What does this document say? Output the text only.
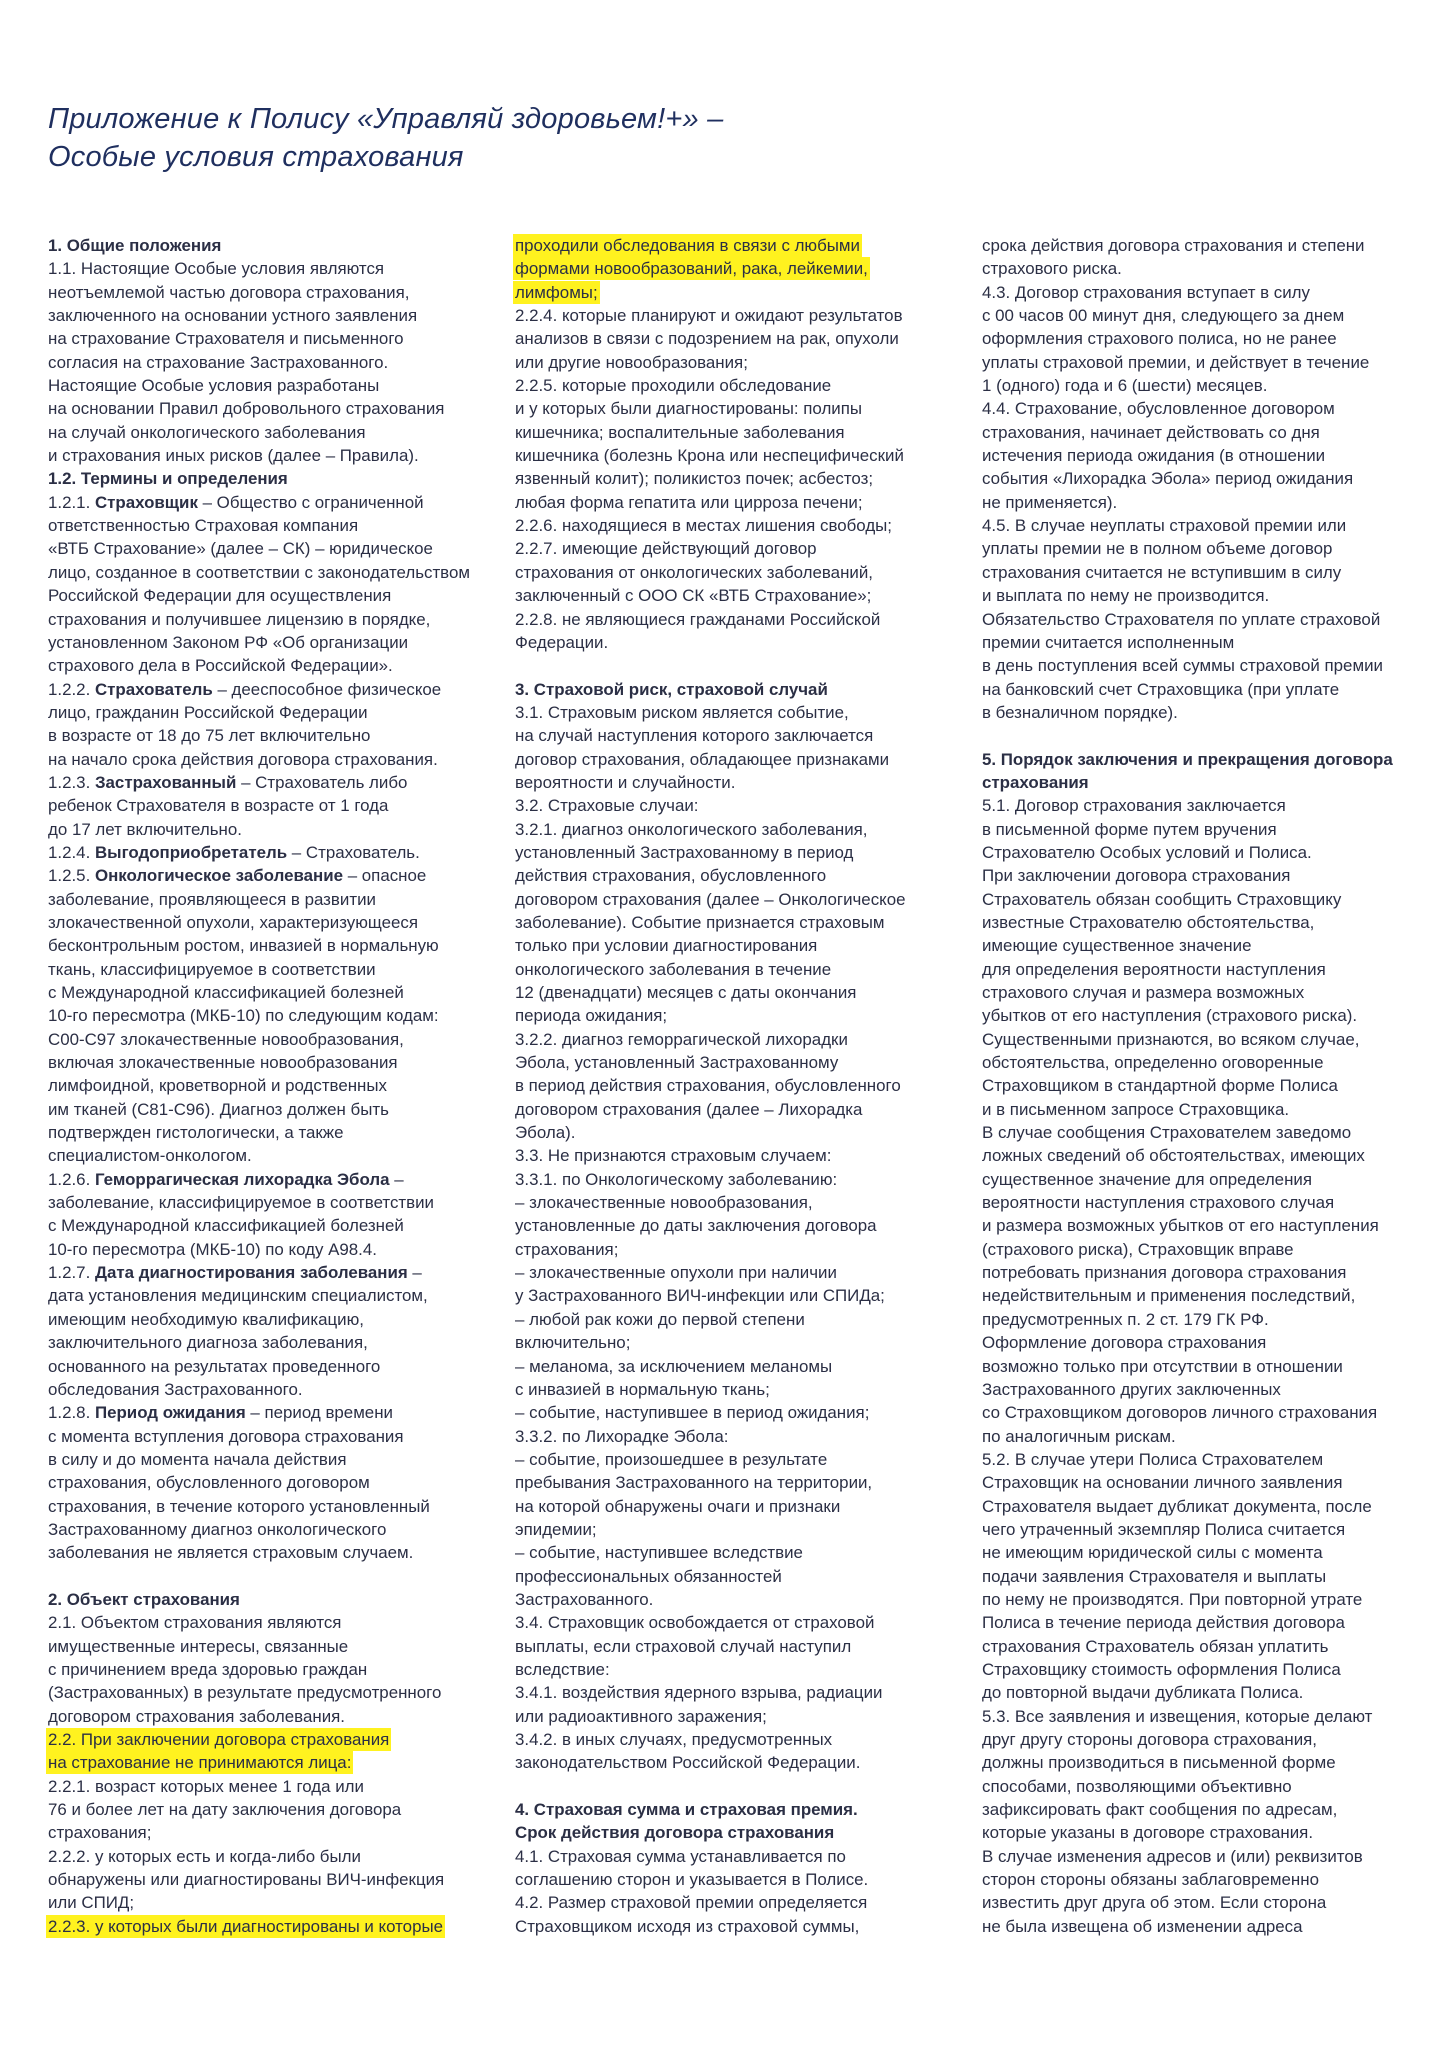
Приложение к Полису «Управляй здоровьем!+» –
Особые условия страхования
1. Общие положения
1.1. Настоящие Особые условия являются
неотъемлемой частью договора страхования,
заключенного на основании устного заявления
на страхование Страхователя и письменного
согласия на страхование Застрахованного.
Настоящие Особые условия разработаны
на основании Правил добровольного страхования
на случай онкологического заболевания
и страхования иных рисков (далее – Правила).
1.2. Термины и определения
1.2.1. Страховщик – Общество с ограниченной
ответственностью Страховая компания
«ВТБ Страхование» (далее – СК) – юридическое
лицо, созданное в соответствии с законодательством
Российской Федерации для осуществления
страхования и получившее лицензию в порядке,
установленном Законом РФ «Об организации
страхового дела в Российской Федерации».
1.2.2. Страхователь – дееспособное физическое
лицо, гражданин Российской Федерации
в возрасте от 18 до 75 лет включительно
на начало срока действия договора страхования.
1.2.3. Застрахованный – Страхователь либо
ребенок Страхователя в возрасте от 1 года
до 17 лет включительно.
1.2.4. Выгодоприобретатель – Страхователь.
1.2.5. Онкологическое заболевание – опасное
заболевание, проявляющееся в развитии
злокачественной опухоли, характеризующееся
бесконтрольным ростом, инвазией в нормальную
ткань, классифицируемое в соответствии
с Международной классификацией болезней
10-го пересмотра (МКБ-10) по следующим кодам:
C00-C97 злокачественные новообразования,
включая злокачественные новообразования
лимфоидной, кроветворной и родственных
им тканей (C81-C96). Диагноз должен быть
подтвержден гистологически, а также
специалистом-онкологом.
1.2.6. Геморрагическая лихорадка Эбола –
заболевание, классифицируемое в соответствии
с Международной классификацией болезней
10-го пересмотра (МКБ-10) по коду A98.4.
1.2.7. Дата диагностирования заболевания –
дата установления медицинским специалистом,
имеющим необходимую квалификацию,
заключительного диагноза заболевания,
основанного на результатах проведенного
обследования Застрахованного.
1.2.8. Период ожидания – период времени
с момента вступления договора страхования
в силу и до момента начала действия
страхования, обусловленного договором
страхования, в течение которого установленный
Застрахованному диагноз онкологического
заболевания не является страховым случаем.
2. Объект страхования
2.1. Объектом страхования являются
имущественные интересы, связанные
с причинением вреда здоровью граждан
(Застрахованных) в результате предусмотренного
договором страхования заболевания.
2.2. При заключении договора страхования
на страхование не принимаются лица:
2.2.1. возраст которых менее 1 года или
76 и более лет на дату заключения договора
страхования;
2.2.2. у которых есть и когда-либо были
обнаружены или диагностированы ВИЧ-инфекция
или СПИД;
2.2.3. у которых были диагностированы и которые
проходили обследования в связи с любыми
формами новообразований, рака, лейкемии,
лимфомы;
2.2.4. которые планируют и ожидают результатов
анализов в связи с подозрением на рак, опухоли
или другие новообразования;
2.2.5. которые проходили обследование
и у которых были диагностированы: полипы
кишечника; воспалительные заболевания
кишечника (болезнь Крона или неспецифический
язвенный колит); поликистоз почек; асбестоз;
любая форма гепатита или цирроза печени;
2.2.6. находящиеся в местах лишения свободы;
2.2.7. имеющие действующий договор
страхования от онкологических заболеваний,
заключенный с ООО СК «ВТБ Страхование»;
2.2.8. не являющиеся гражданами Российской
Федерации.
3. Страховой риск, страховой случай
3.1. Страховым риском является событие,
на случай наступления которого заключается
договор страхования, обладающее признаками
вероятности и случайности.
3.2. Страховые случаи:
3.2.1. диагноз онкологического заболевания,
установленный Застрахованному в период
действия страхования, обусловленного
договором страхования (далее – Онкологическое
заболевание). Событие признается страховым
только при условии диагностирования
онкологического заболевания в течение
12 (двенадцати) месяцев с даты окончания
периода ожидания;
3.2.2. диагноз геморрагической лихорадки
Эбола, установленный Застрахованному
в период действия страхования, обусловленного
договором страхования (далее – Лихорадка
Эбола).
3.3. Не признаются страховым случаем:
3.3.1. по Онкологическому заболеванию:
– злокачественные новообразования,
установленные до даты заключения договора
страхования;
– злокачественные опухоли при наличии
у Застрахованного ВИЧ-инфекции или СПИДа;
– любой рак кожи до первой степени
включительно;
– меланома, за исключением меланомы
с инвазией в нормальную ткань;
– событие, наступившее в период ожидания;
3.3.2. по Лихорадке Эбола:
– событие, произошедшее в результате
пребывания Застрахованного на территории,
на которой обнаружены очаги и признаки
эпидемии;
– событие, наступившее вследствие
профессиональных обязанностей
Застрахованного.
3.4. Страховщик освобождается от страховой
выплаты, если страховой случай наступил
вследствие:
3.4.1. воздействия ядерного взрыва, радиации
или радиоактивного заражения;
3.4.2. в иных случаях, предусмотренных
законодательством Российской Федерации.
4. Страховая сумма и страховая премия.
Срок действия договора страхования
4.1. Страховая сумма устанавливается по
соглашению сторон и указывается в Полисе.
4.2. Размер страховой премии определяется
Страховщиком исходя из страховой суммы,
срока действия договора страхования и степени
страхового риска.
4.3. Договор страхования вступает в силу
с 00 часов 00 минут дня, следующего за днем
оформления страхового полиса, но не ранее
уплаты страховой премии, и действует в течение
1 (одного) года и 6 (шести) месяцев.
4.4. Страхование, обусловленное договором
страхования, начинает действовать со дня
истечения периода ожидания (в отношении
события «Лихорадка Эбола» период ожидания
не применяется).
4.5. В случае неуплаты страховой премии или
уплаты премии не в полном объеме договор
страхования считается не вступившим в силу
и выплата по нему не производится.
Обязательство Страхователя по уплате страховой
премии считается исполненным
в день поступления всей суммы страховой премии
на банковский счет Страховщика (при уплате
в безналичном порядке).
5. Порядок заключения и прекращения договора
страхования
5.1. Договор страхования заключается
в письменной форме путем вручения
Страхователю Особых условий и Полиса.
При заключении договора страхования
Страхователь обязан сообщить Страховщику
известные Страхователю обстоятельства,
имеющие существенное значение
для определения вероятности наступления
страхового случая и размера возможных
убытков от его наступления (страхового риска).
Существенными признаются, во всяком случае,
обстоятельства, определенно оговоренные
Страховщиком в стандартной форме Полиса
и в письменном запросе Страховщика.
В случае сообщения Страхователем заведомо
ложных сведений об обстоятельствах, имеющих
существенное значение для определения
вероятности наступления страхового случая
и размера возможных убытков от его наступления
(страхового риска), Страховщик вправе
потребовать признания договора страхования
недействительным и применения последствий,
предусмотренных п. 2 ст. 179 ГК РФ.
Оформление договора страхования
возможно только при отсутствии в отношении
Застрахованного других заключенных
со Страховщиком договоров личного страхования
по аналогичным рискам.
5.2. В случае утери Полиса Страхователем
Страховщик на основании личного заявления
Страхователя выдает дубликат документа, после
чего утраченный экземпляр Полиса считается
не имеющим юридической силы с момента
подачи заявления Страхователя и выплаты
по нему не производятся. При повторной утрате
Полиса в течение периода действия договора
страхования Страхователь обязан уплатить
Страховщику стоимость оформления Полиса
до повторной выдачи дубликата Полиса.
5.3. Все заявления и извещения, которые делают
друг другу стороны договора страхования,
должны производиться в письменной форме
способами, позволяющими объективно
зафиксировать факт сообщения по адресам,
которые указаны в договоре страхования.
В случае изменения адресов и (или) реквизитов
сторон стороны обязаны заблаговременно
известить друг друга об этом. Если сторона
не была извещена об изменении адреса
